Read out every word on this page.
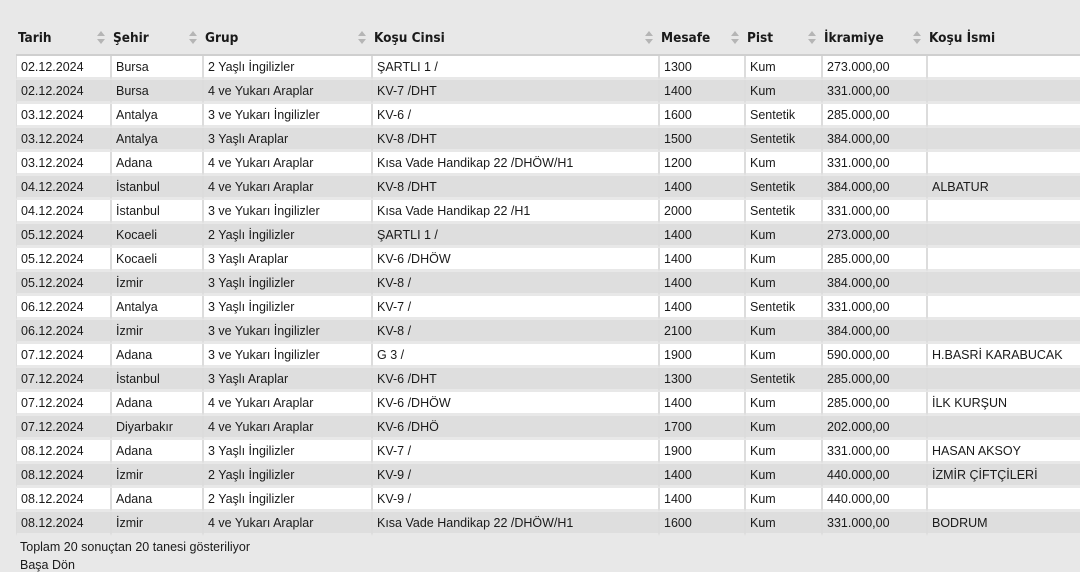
Tarih	Şehir	Grup	Koşu Cinsi	Mesafe	Pist	İkramiye	Koşu İsmi
02.12.2024	Bursa	2 Yaşlı İngilizler	ŞARTLI 1 /	1300	Kum	273.000,00	
02.12.2024	Bursa	4 ve Yukarı Araplar	KV-7 /DHT	1400	Kum	331.000,00	
03.12.2024	Antalya	3 ve Yukarı İngilizler	KV-6 /	1600	Sentetik	285.000,00	
03.12.2024	Antalya	3 Yaşlı Araplar	KV-8 /DHT	1500	Sentetik	384.000,00	
03.12.2024	Adana	4 ve Yukarı Araplar	Kısa Vade Handikap 22 /DHÖW/H1	1200	Kum	331.000,00	
04.12.2024	İstanbul	4 ve Yukarı Araplar	KV-8 /DHT	1400	Sentetik	384.000,00	ALBATUR
04.12.2024	İstanbul	3 ve Yukarı İngilizler	Kısa Vade Handikap 22 /H1	2000	Sentetik	331.000,00	
05.12.2024	Kocaeli	2 Yaşlı İngilizler	ŞARTLI 1 /	1400	Kum	273.000,00	
05.12.2024	Kocaeli	3 Yaşlı Araplar	KV-6 /DHÖW	1400	Kum	285.000,00	
05.12.2024	İzmir	3 Yaşlı İngilizler	KV-8 /	1400	Kum	384.000,00	
06.12.2024	Antalya	3 Yaşlı İngilizler	KV-7 /	1400	Sentetik	331.000,00	
06.12.2024	İzmir	3 ve Yukarı İngilizler	KV-8 /	2100	Kum	384.000,00	
07.12.2024	Adana	3 ve Yukarı İngilizler	G 3 /	1900	Kum	590.000,00	H.BASRİ KARABUCAK
07.12.2024	İstanbul	3 Yaşlı Araplar	KV-6 /DHT	1300	Sentetik	285.000,00	
07.12.2024	Adana	4 ve Yukarı Araplar	KV-6 /DHÖW	1400	Kum	285.000,00	İLK KURŞUN
07.12.2024	Diyarbakır	4 ve Yukarı Araplar	KV-6 /DHÖ	1700	Kum	202.000,00	
08.12.2024	Adana	3 Yaşlı İngilizler	KV-7 /	1900	Kum	331.000,00	HASAN AKSOY
08.12.2024	İzmir	2 Yaşlı İngilizler	KV-9 /	1400	Kum	440.000,00	İZMİR ÇİFTÇİLERİ
08.12.2024	Adana	2 Yaşlı İngilizler	KV-9 /	1400	Kum	440.000,00	
08.12.2024	İzmir	4 ve Yukarı Araplar	Kısa Vade Handikap 22 /DHÖW/H1	1600	Kum	331.000,00	BODRUM
Toplam 20 sonuçtan 20 tanesi gösteriliyor
Başa Dön
